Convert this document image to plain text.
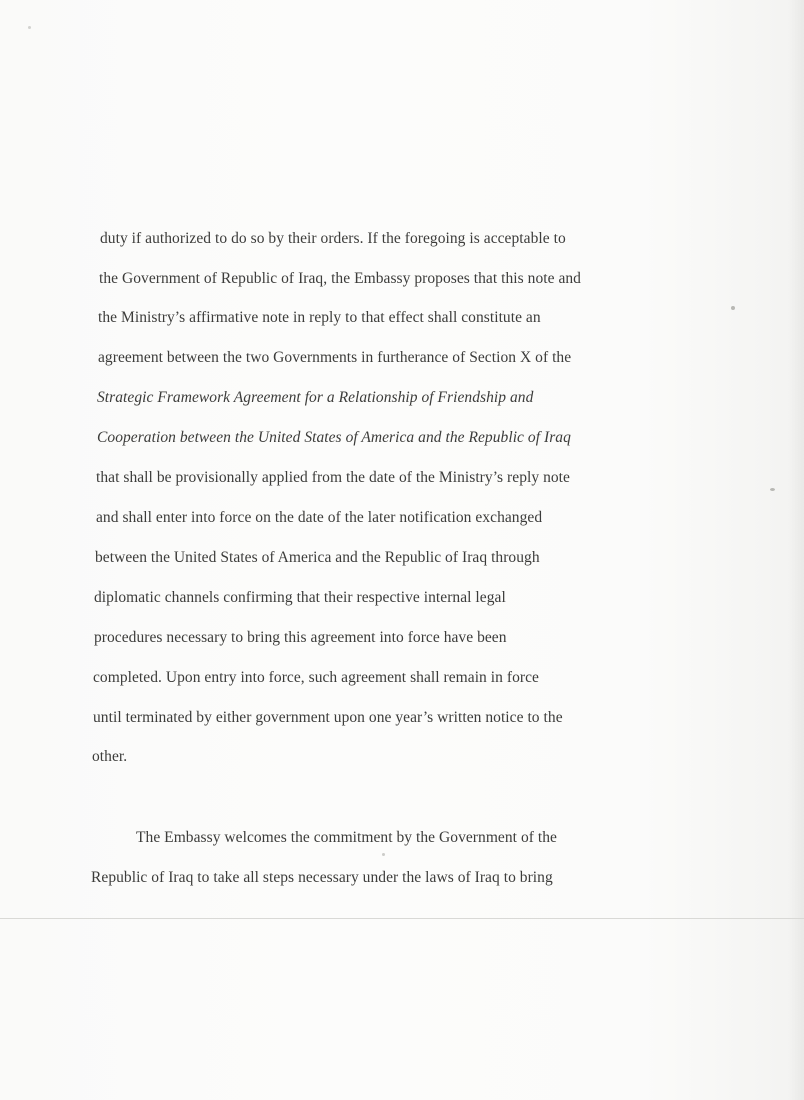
duty if authorized to do so by their orders. If the foregoing is acceptable to

the Government of Republic of Iraq, the Embassy proposes that this note and

the Ministry’s affirmative note in reply to that effect shall constitute an

agreement between the two Governments in furtherance of Section X of the

Strategic Framework Agreement for a Relationship of Friendship and

Cooperation between the United States of America and the Republic of Iraq

that shall be provisionally applied from the date of the Ministry’s reply note

and shall enter into force on the date of the later notification exchanged

between the United States of America and the Republic of Iraq through

diplomatic channels confirming that their respective internal legal

procedures necessary to bring this agreement into force have been

completed. Upon entry into force, such agreement shall remain in force

until terminated by either government upon one year’s written notice to the

other.

The Embassy welcomes the commitment by the Government of the

Republic of Iraq to take all steps necessary under the laws of Iraq to bring
